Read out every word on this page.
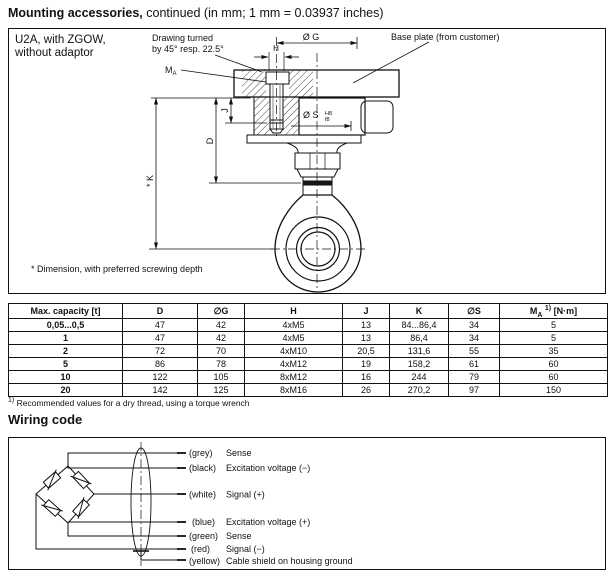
Mounting accessories, continued (in mm; 1 mm = 0.03937 inches)
U2A, with ZGOW,
without adaptor
Drawing turned
by 45° resp. 22.5°
Base plate (from customer)
$M_A$
Ø G
H
Ø S H8
f8
J
D
* K
* Dimension, with preferred screwing depth
Max. capacity [t]	D	∅G	H	J	K	∅S	$M_A$ $^{1)}$ [N·m]
0,05...0,5	47	42	4xM5	13	84...86,4	34	5
1	47	42	4xM5	13	86,4	34	5
2	72	70	4xM10	20,5	131,6	55	35
5	86	78	4xM12	19	158,2	61	60
10	122	105	8xM12	16	244	79	60
20	142	125	8xM16	26	270,2	97	150
$^{1)}$ Recommended values for a dry thread, using a torque wrench
Wiring code
(grey) Sense
(black) Excitation voltage (−)
(white) Signal (+)
(blue) Excitation voltage (+)
(green) Sense
(red) Signal (−)
(yellow) Cable shield on housing ground
